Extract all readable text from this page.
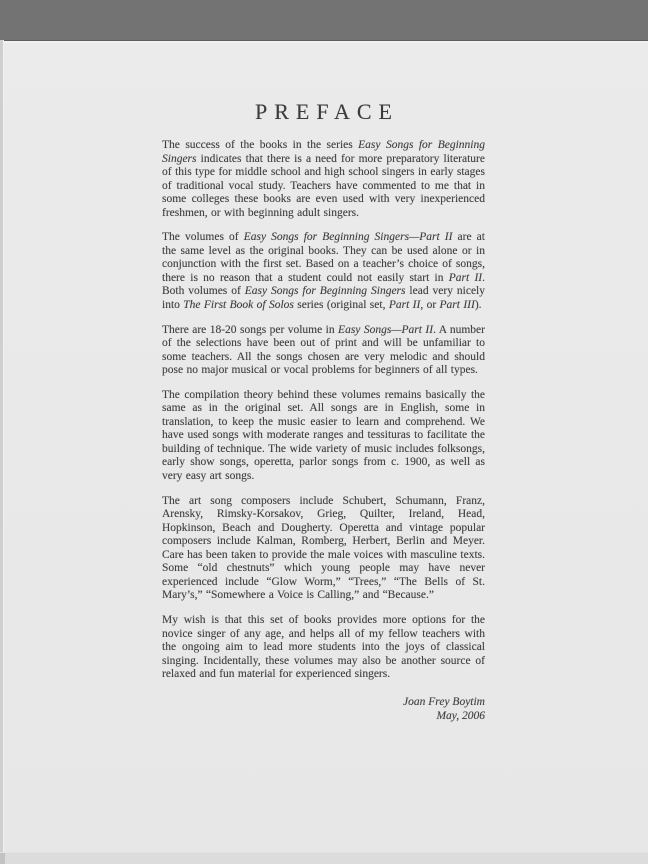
PREFACE

The success of the books in the series Easy Songs for Beginning Singers indicates that there is a need for more preparatory literature of this type for middle school and high school singers in early stages of traditional vocal study. Teachers have commented to me that in some colleges these books are even used with very inexperienced freshmen, or with beginning adult singers.

The volumes of Easy Songs for Beginning Singers—Part II are at the same level as the original books. They can be used alone or in conjunction with the first set. Based on a teacher’s choice of songs, there is no reason that a student could not easily start in Part II. Both volumes of Easy Songs for Beginning Singers lead very nicely into The First Book of Solos series (original set, Part II, or Part III).

There are 18-20 songs per volume in Easy Songs—Part II. A number of the selections have been out of print and will be unfamiliar to some teachers. All the songs chosen are very melodic and should pose no major musical or vocal problems for beginners of all types.

The compilation theory behind these volumes remains basically the same as in the original set. All songs are in English, some in translation, to keep the music easier to learn and comprehend. We have used songs with moderate ranges and tessituras to facilitate the building of technique. The wide variety of music includes folksongs, early show songs, operetta, parlor songs from c. 1900, as well as very easy art songs.

The art song composers include Schubert, Schumann, Franz, Arensky, Rimsky-Korsakov, Grieg, Quilter, Ireland, Head, Hopkinson, Beach and Dougherty. Operetta and vintage popular composers include Kalman, Romberg, Herbert, Berlin and Meyer. Care has been taken to provide the male voices with masculine texts. Some “old chestnuts” which young people may have never experienced include “Glow Worm,” “Trees,” “The Bells of St. Mary’s,” “Somewhere a Voice is Calling,” and “Because.”

My wish is that this set of books provides more options for the novice singer of any age, and helps all of my fellow teachers with the ongoing aim to lead more students into the joys of classical singing. Incidentally, these volumes may also be another source of relaxed and fun material for experienced singers.

Joan Frey Boytim
May, 2006
